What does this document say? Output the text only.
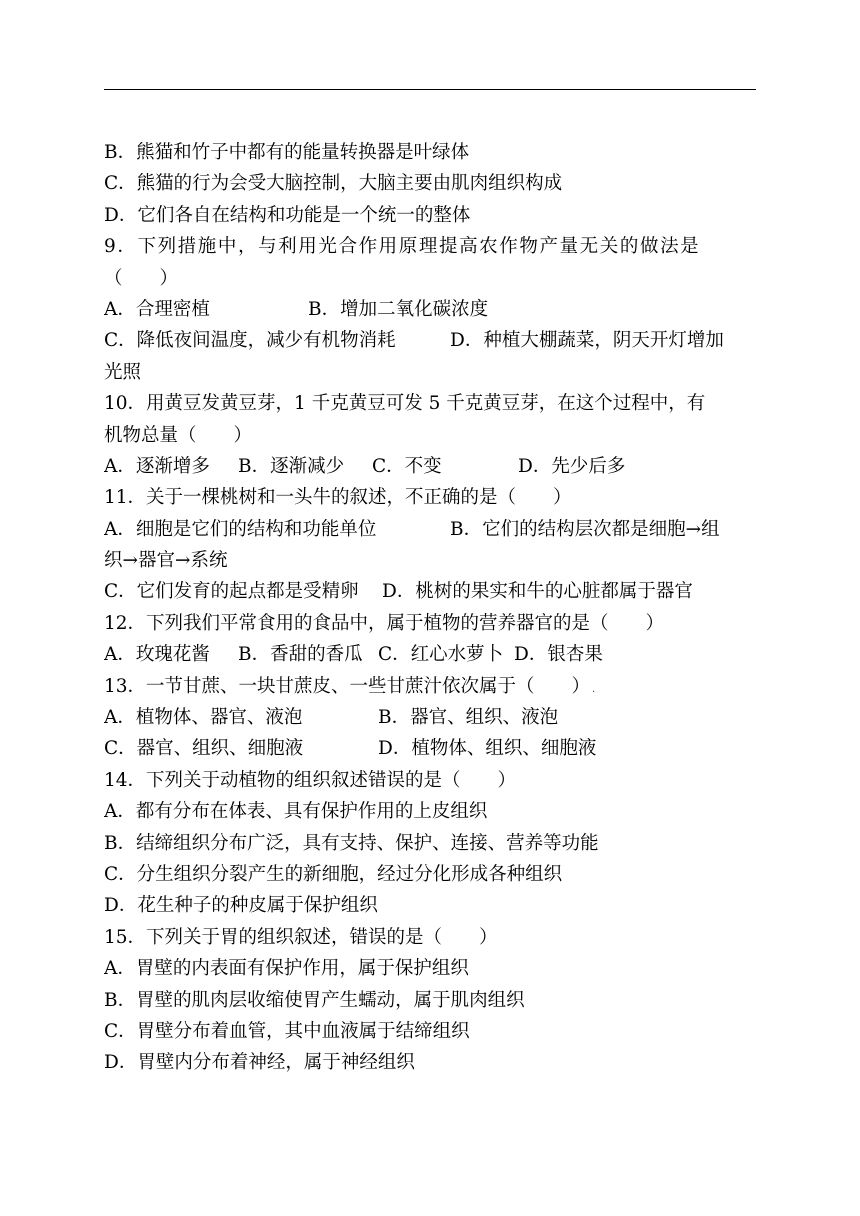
B．熊猫和竹子中都有的能量转换器是叶绿体
C．熊猫的行为会受大脑控制，大脑主要由肌肉组织构成
D．它们各自在结构和功能是一个统一的整体
9．下列措施中，与利用光合作用原理提高农作物产量无关的做法是
（　　）
A．合理密植	B．增加二氧化碳浓度
C．降低夜间温度，减少有机物消耗	D．种植大棚蔬菜，阴天开灯增加
光照
10．用黄豆发黄豆芽，1 千克黄豆可发 5 千克黄豆芽，在这个过程中，有
机物总量（　　）
A．逐渐增多	B．逐渐减少	C．不变	D．先少后多
11．关于一棵桃树和一头牛的叙述，不正确的是（　　）
A．细胞是它们的结构和功能单位	B．它们的结构层次都是细胞→组
织→器官→系统
C．它们发育的起点都是受精卵	D．桃树的果实和牛的心脏都属于器官
12．下列我们平常食用的食品中，属于植物的营养器官的是（　　）
A．玫瑰花酱	B．香甜的香瓜 C．红心水萝卜 D．银杏果
13．一节甘蔗、一块甘蔗皮、一些甘蔗汁依次属于（　　） .
A．植物体、器官、液泡	B．器官、组织、液泡
C．器官、组织、细胞液	D．植物体、组织、细胞液
14．下列关于动植物的组织叙述错误的是（　　）
A．都有分布在体表、具有保护作用的上皮组织
B．结缔组织分布广泛，具有支持、保护、连接、营养等功能
C．分生组织分裂产生的新细胞，经过分化形成各种组织
D．花生种子的种皮属于保护组织
15．下列关于胃的组织叙述，错误的是（　　）
A．胃壁的内表面有保护作用，属于保护组织
B．胃壁的肌肉层收缩使胃产生蠕动，属于肌肉组织
C．胃壁分布着血管，其中血液属于结缔组织
D．胃壁内分布着神经，属于神经组织
